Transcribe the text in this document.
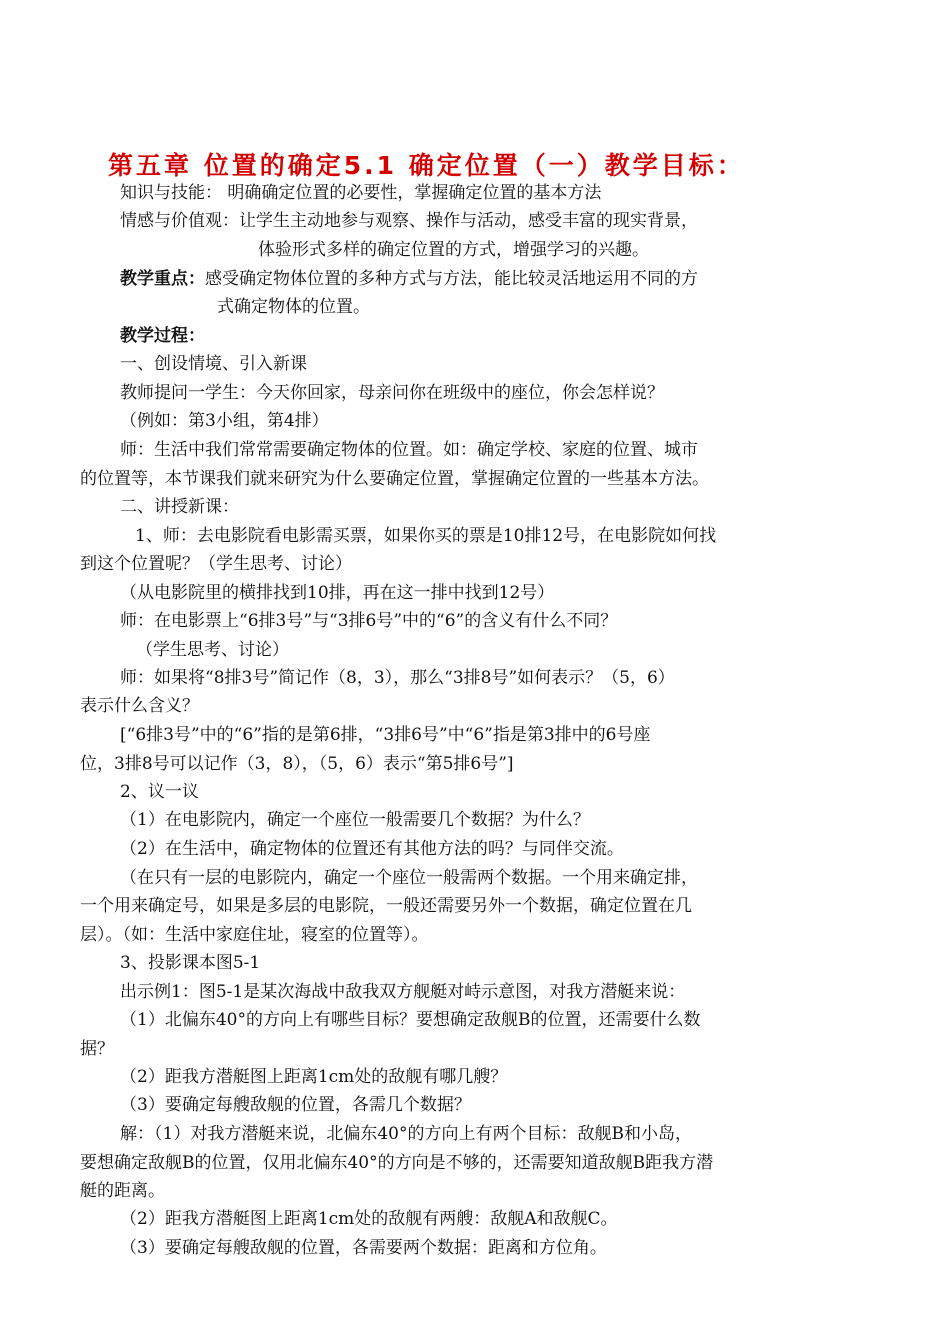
第五章 位置的确定5.1 确定位置（一）教学目标：
知识与技能： 明确确定位置的必要性，掌握确定位置的基本方法
情感与价值观：让学生主动地参与观察、操作与活动，感受丰富的现实背景，
体验形式多样的确定位置的方式，增强学习的兴趣。
教学重点：感受确定物体位置的多种方式与方法，能比较灵活地运用不同的方
式确定物体的位置。
教学过程：
一、创设情境、引入新课
教师提问一学生：今天你回家，母亲问你在班级中的座位，你会怎样说？
（例如：第3小组，第4排）
师：生活中我们常常需要确定物体的位置。如：确定学校、家庭的位置、城市
的位置等，本节课我们就来研究为什么要确定位置，掌握确定位置的一些基本方法。
二、讲授新课：
1、师：去电影院看电影需买票，如果你买的票是10排12号，在电影院如何找
到这个位置呢？（学生思考、讨论）
（从电影院里的横排找到10排，再在这一排中找到12号）
师：在电影票上“6排3号”与“3排6号”中的“6”的含义有什么不同？
（学生思考、讨论）
师：如果将“8排3号”简记作（8，3），那么“3排8号”如何表示？（5，6）
表示什么含义？
[“6排3号”中的“6”指的是第6排，“3排6号”中“6”指是第3排中的6号座
位，3排8号可以记作（3，8），（5，6）表示“第5排6号”]
2、议一议
（1）在电影院内，确定一个座位一般需要几个数据？为什么？
（2）在生活中，确定物体的位置还有其他方法的吗？与同伴交流。
（在只有一层的电影院内，确定一个座位一般需两个数据。一个用来确定排，
一个用来确定号，如果是多层的电影院，一般还需要另外一个数据，确定位置在几
层）。（如：生活中家庭住址，寝室的位置等）。
3、投影课本图5-1
出示例1：图5-1是某次海战中敌我双方舰艇对峙示意图，对我方潜艇来说：
（1）北偏东40°的方向上有哪些目标？要想确定敌舰B的位置，还需要什么数
据？
（2）距我方潜艇图上距离1cm处的敌舰有哪几艘？
（3）要确定每艘敌舰的位置，各需几个数据？
解：（1）对我方潜艇来说，北偏东40°的方向上有两个目标：敌舰B和小岛，
要想确定敌舰B的位置，仅用北偏东40°的方向是不够的，还需要知道敌舰B距我方潜
艇的距离。
（2）距我方潜艇图上距离1cm处的敌舰有两艘：敌舰A和敌舰C。
（3）要确定每艘敌舰的位置，各需要两个数据：距离和方位角。
